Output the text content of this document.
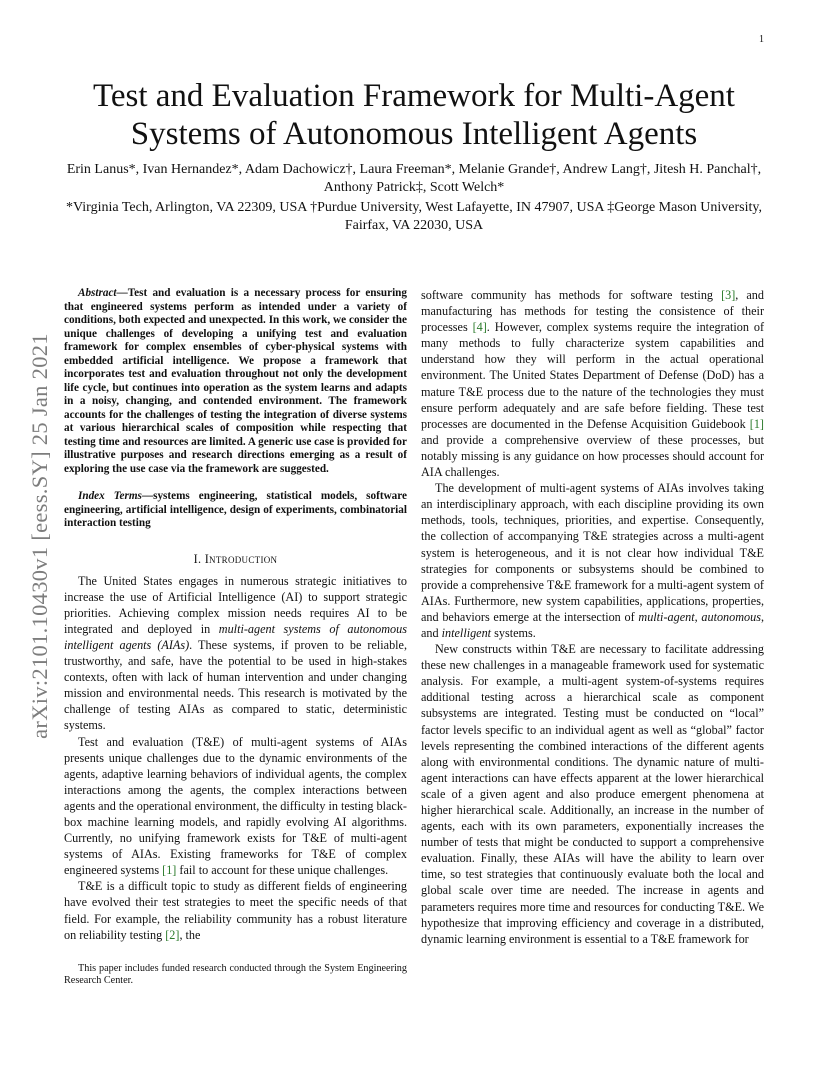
1
arXiv:2101.10430v1 [eess.SY] 25 Jan 2021
Test and Evaluation Framework for Multi-Agent Systems of Autonomous Intelligent Agents
Erin Lanus*, Ivan Hernandez*, Adam Dachowicz†, Laura Freeman*, Melanie Grande†, Andrew Lang†, Jitesh H. Panchal†, Anthony Patrick‡, Scott Welch*
*Virginia Tech, Arlington, VA 22309, USA †Purdue University, West Lafayette, IN 47907, USA ‡George Mason University, Fairfax, VA 22030, USA

Abstract—Test and evaluation is a necessary process for ensuring that engineered systems perform as intended under a variety of conditions, both expected and unexpected. In this work, we consider the unique challenges of developing a unifying test and evaluation framework for complex ensembles of cyber-physical systems with embedded artificial intelligence. We propose a framework that incorporates test and evaluation throughout not only the development life cycle, but continues into operation as the system learns and adapts in a noisy, changing, and contended environment. The framework accounts for the challenges of testing the integration of diverse systems at various hierarchical scales of composition while respecting that testing time and resources are limited. A generic use case is provided for illustrative purposes and research directions emerging as a result of exploring the use case via the framework are suggested.

Index Terms—systems engineering, statistical models, software engineering, artificial intelligence, design of experiments, combinatorial interaction testing

I. Introduction

The United States engages in numerous strategic initiatives to increase the use of Artificial Intelligence (AI) to support strategic priorities. Achieving complex mission needs requires AI to be integrated and deployed in multi-agent systems of autonomous intelligent agents (AIAs). These systems, if proven to be reliable, trustworthy, and safe, have the potential to be used in high-stakes contexts, often with lack of human intervention and under changing mission and environmental needs. This research is motivated by the challenge of testing AIAs as compared to static, deterministic systems.

Test and evaluation (T&E) of multi-agent systems of AIAs presents unique challenges due to the dynamic environments of the agents, adaptive learning behaviors of individual agents, the complex interactions among the agents, the complex interactions between agents and the operational environment, the difficulty in testing black-box machine learning models, and rapidly evolving AI algorithms. Currently, no unifying framework exists for T&E of multi-agent systems of AIAs. Existing frameworks for T&E of complex engineered systems [1] fail to account for these unique challenges.

T&E is a difficult topic to study as different fields of engineering have evolved their test strategies to meet the specific needs of that field. For example, the reliability community has a robust literature on reliability testing [2], the

This paper includes funded research conducted through the System Engineering Research Center.

software community has methods for software testing [3], and manufacturing has methods for testing the consistence of their processes [4]. However, complex systems require the integration of many methods to fully characterize system capabilities and understand how they will perform in the actual operational environment. The United States Department of Defense (DoD) has a mature T&E process due to the nature of the technologies they must ensure perform adequately and are safe before fielding. These test processes are documented in the Defense Acquisition Guidebook [1] and provide a comprehensive overview of these processes, but notably missing is any guidance on how processes should account for AIA challenges.

The development of multi-agent systems of AIAs involves taking an interdisciplinary approach, with each discipline providing its own methods, tools, techniques, priorities, and expertise. Consequently, the collection of accompanying T&E strategies across a multi-agent system is heterogeneous, and it is not clear how individual T&E strategies for components or subsystems should be combined to provide a comprehensive T&E framework for a multi-agent system of AIAs. Furthermore, new system capabilities, applications, properties, and behaviors emerge at the intersection of multi-agent, autonomous, and intelligent systems.

New constructs within T&E are necessary to facilitate addressing these new challenges in a manageable framework used for systematic analysis. For example, a multi-agent system-of-systems requires additional testing across a hierarchical scale as component subsystems are integrated. Testing must be conducted on “local” factor levels specific to an individual agent as well as “global” factor levels representing the combined interactions of the different agents along with environmental conditions. The dynamic nature of multi-agent interactions can have effects apparent at the lower hierarchical scale of a given agent and also produce emergent phenomena at higher hierarchical scale. Additionally, an increase in the number of agents, each with its own parameters, exponentially increases the number of tests that might be conducted to support a comprehensive evaluation. Finally, these AIAs will have the ability to learn over time, so test strategies that continuously evaluate both the local and global scale over time are needed. The increase in agents and parameters requires more time and resources for conducting T&E. We hypothesize that improving efficiency and coverage in a distributed, dynamic learning environment is essential to a T&E framework for
